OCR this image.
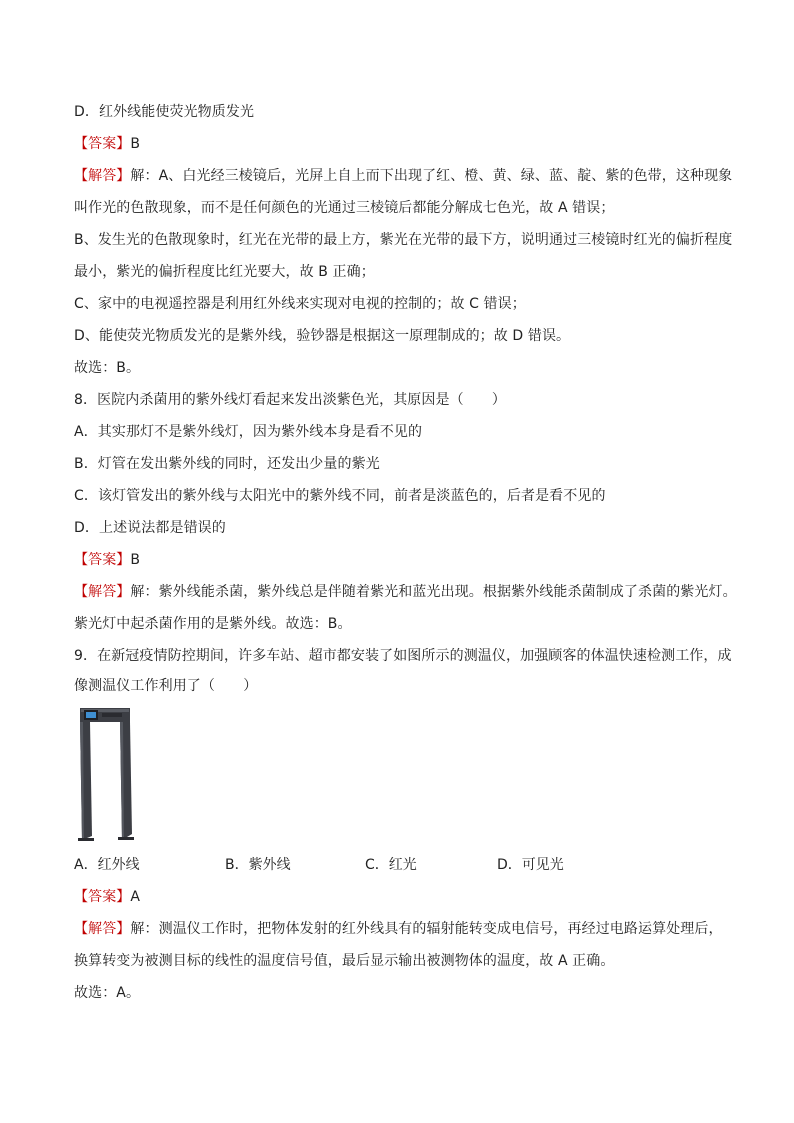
D．红外线能使荧光物质发光
【答案】B
【解答】解：A、白光经三棱镜后，光屏上自上而下出现了红、橙、黄、绿、蓝、靛、紫的色带，这种现象
叫作光的色散现象，而不是任何颜色的光通过三棱镜后都能分解成七色光，故 A 错误；
B、发生光的色散现象时，红光在光带的最上方，紫光在光带的最下方，说明通过三棱镜时红光的偏折程度
最小，紫光的偏折程度比红光要大，故 B 正确；
C、家中的电视遥控器是利用红外线来实现对电视的控制的；故 C 错误；
D、能使荧光物质发光的是紫外线，验钞器是根据这一原理制成的；故 D 错误。
故选：B。
8．医院内杀菌用的紫外线灯看起来发出淡紫色光，其原因是（　　）
A．其实那灯不是紫外线灯，因为紫外线本身是看不见的
B．灯管在发出紫外线的同时，还发出少量的紫光
C．该灯管发出的紫外线与太阳光中的紫外线不同，前者是淡蓝色的，后者是看不见的
D．上述说法都是错误的
【答案】B
【解答】解：紫外线能杀菌，紫外线总是伴随着紫光和蓝光出现。根据紫外线能杀菌制成了杀菌的紫光灯。
紫光灯中起杀菌作用的是紫外线。故选：B。
9．在新冠疫情防控期间，许多车站、超市都安装了如图所示的测温仪，加强顾客的体温快速检测工作，成
像测温仪工作利用了（　　）
A．红外线	B．紫外线	C．红光	D．可见光
【答案】A
【解答】解：测温仪工作时，把物体发射的红外线具有的辐射能转变成电信号，再经过电路运算处理后，
换算转变为被测目标的线性的温度信号值，最后显示输出被测物体的温度，故 A 正确。
故选：A。
